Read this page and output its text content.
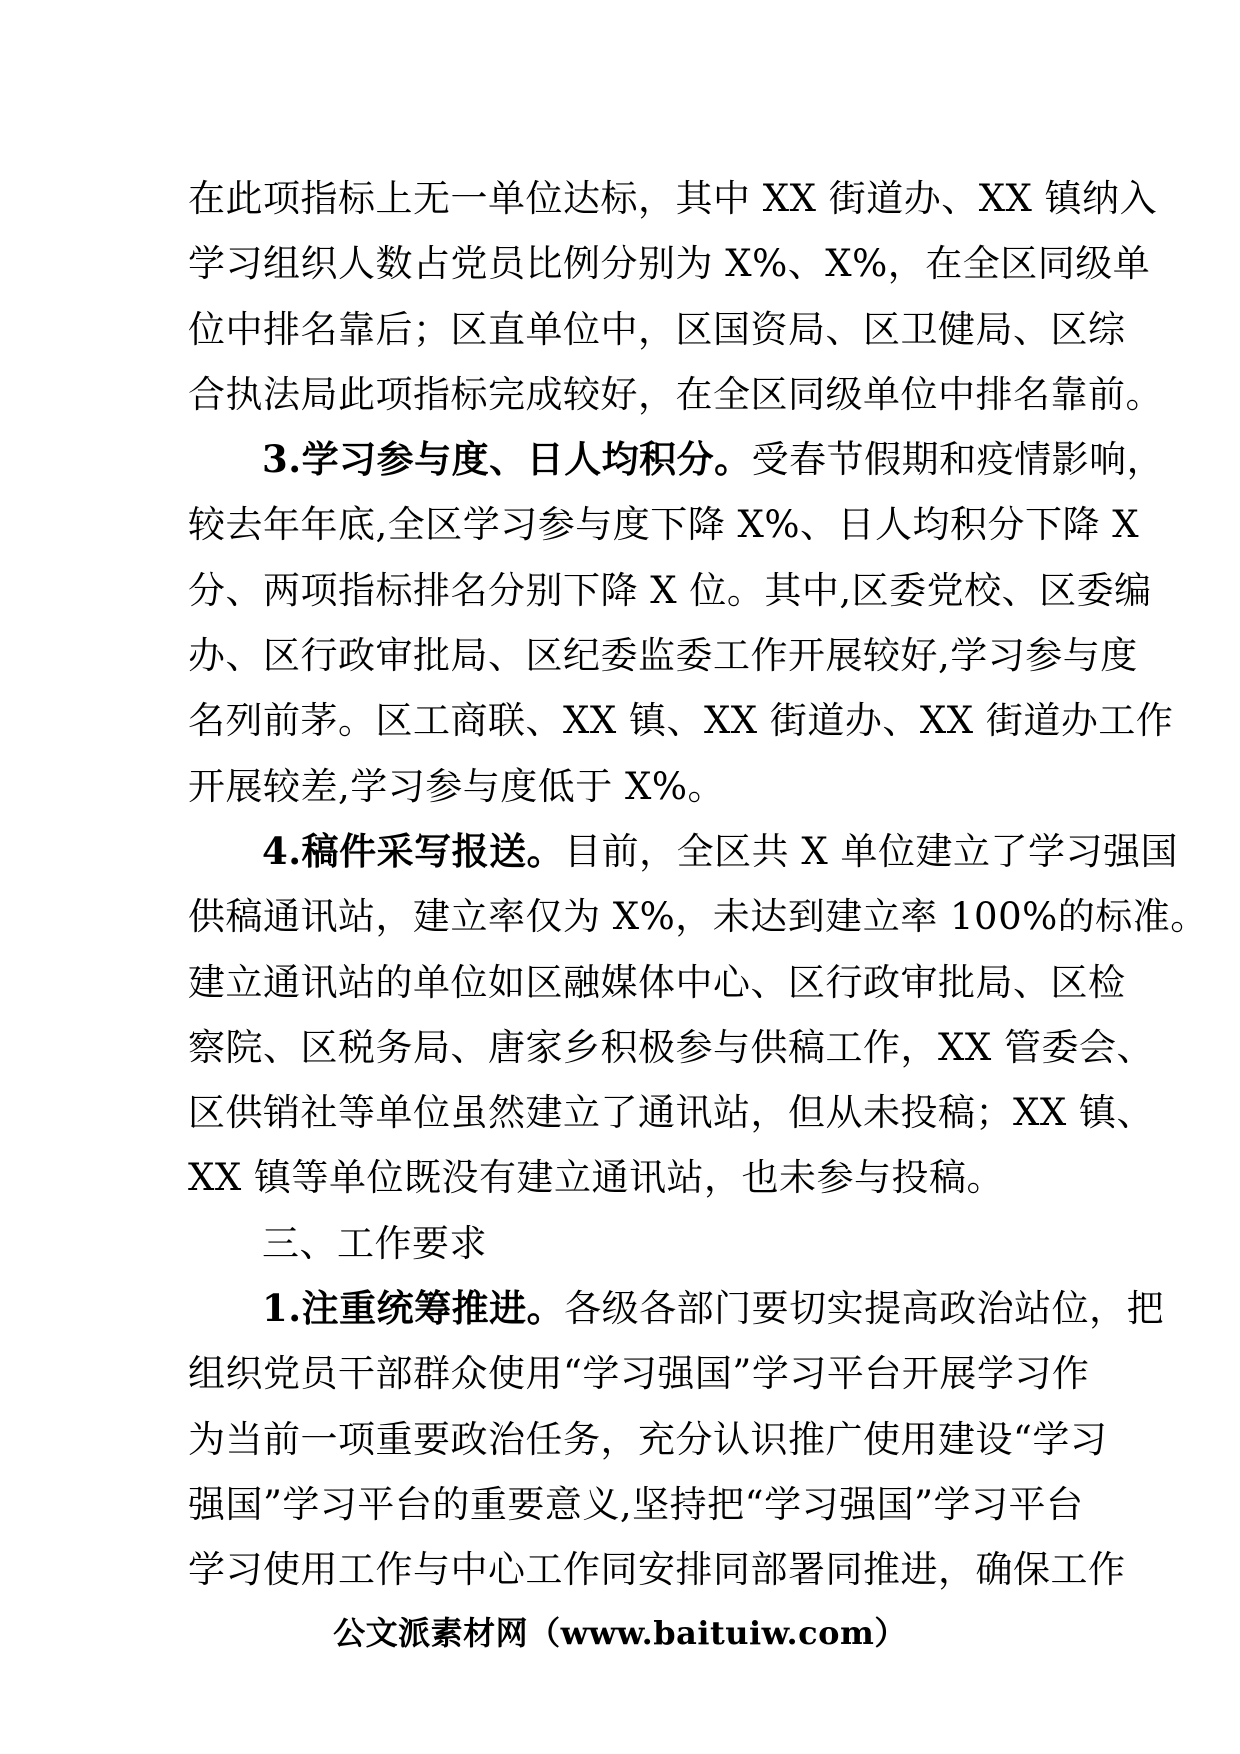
在此项指标上无一单位达标，其中 XX 街道办、XX 镇纳入
学习组织人数占党员比例分别为 X%、X%，在全区同级单
位中排名靠后；区直单位中，区国资局、区卫健局、区综
合执法局此项指标完成较好，在全区同级单位中排名靠前。
3.学习参与度、日人均积分。受春节假期和疫情影响，
较去年年底,全区学习参与度下降 X%、日人均积分下降 X
分、两项指标排名分别下降 X 位。其中,区委党校、区委编
办、区行政审批局、区纪委监委工作开展较好,学习参与度
名列前茅。区工商联、XX 镇、XX 街道办、XX 街道办工作
开展较差,学习参与度低于 X%。
4.稿件采写报送。目前，全区共 X 单位建立了学习强国
供稿通讯站，建立率仅为 X%，未达到建立率 100%的标准。
建立通讯站的单位如区融媒体中心、区行政审批局、区检
察院、区税务局、唐家乡积极参与供稿工作，XX 管委会、
区供销社等单位虽然建立了通讯站，但从未投稿；XX 镇、
XX 镇等单位既没有建立通讯站，也未参与投稿。
三、工作要求
1.注重统筹推进。各级各部门要切实提高政治站位，把
组织党员干部群众使用“学习强国”学习平台开展学习作
为当前一项重要政治任务，充分认识推广使用建设“学习
强国”学习平台的重要意义,坚持把“学习强国”学习平台
学习使用工作与中心工作同安排同部署同推进，确保工作
公文派素材网（www.baituiw.com）
